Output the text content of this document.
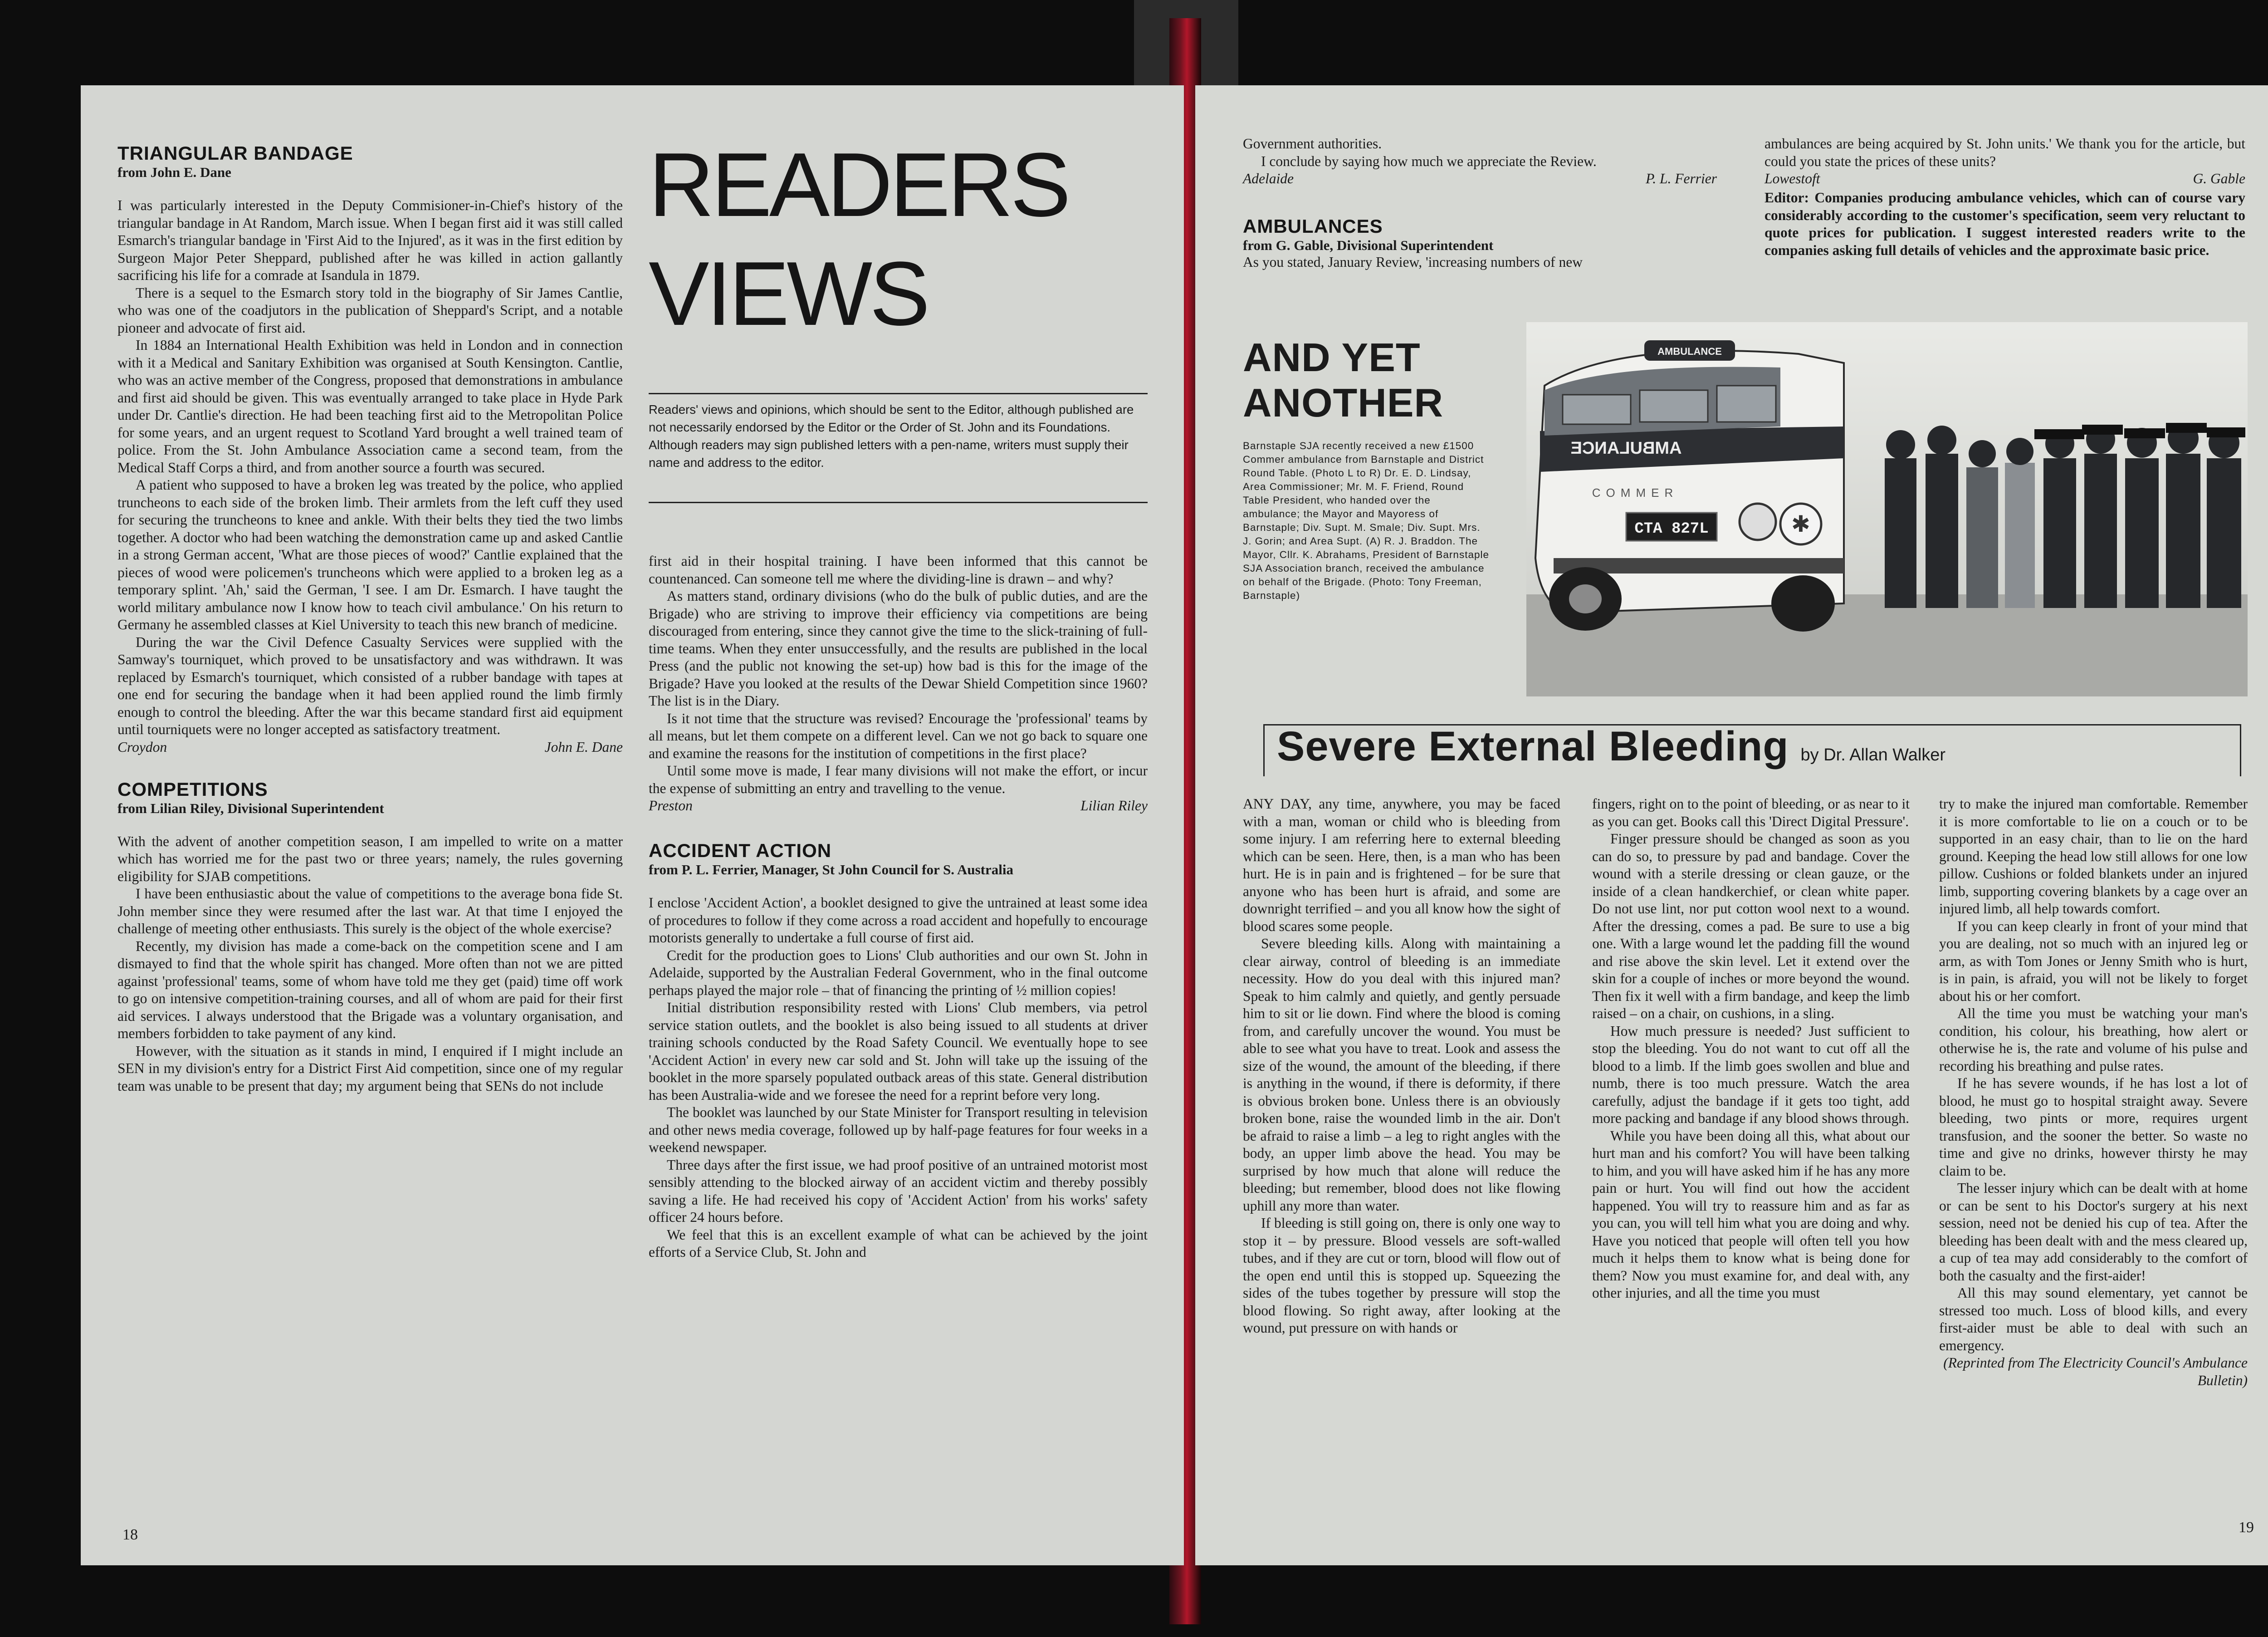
TRIANGULAR BANDAGE
from John E. Dane

I was particularly interested in the Deputy Commisioner-in-Chief's history of the triangular bandage in At Random, March issue. When I began first aid it was still called Esmarch's triangular bandage in 'First Aid to the Injured', as it was in the first edition by Surgeon Major Peter Sheppard, published after he was killed in action gallantly sacrificing his life for a comrade at Isandula in 1879.

There is a sequel to the Esmarch story told in the biography of Sir James Cantlie, who was one of the coadjutors in the publication of Sheppard's Script, and a notable pioneer and advocate of first aid.

In 1884 an International Health Exhibition was held in London and in connection with it a Medical and Sanitary Exhibition was organised at South Kensington. Cantlie, who was an active member of the Congress, proposed that demonstrations in ambulance and first aid should be given. This was eventually arranged to take place in Hyde Park under Dr. Cantlie's direction. He had been teaching first aid to the Metropolitan Police for some years, and an urgent request to Scotland Yard brought a well trained team of police. From the St. John Ambulance Association came a second team, from the Medical Staff Corps a third, and from another source a fourth was secured.

A patient who supposed to have a broken leg was treated by the police, who applied truncheons to each side of the broken limb. Their armlets from the left cuff they used for securing the truncheons to knee and ankle. With their belts they tied the two limbs together. A doctor who had been watching the demonstration came up and asked Cantlie in a strong German accent, 'What are those pieces of wood?' Cantlie explained that the pieces of wood were policemen's truncheons which were applied to a broken leg as a temporary splint. 'Ah,' said the German, 'I see. I am Dr. Esmarch. I have taught the world military ambulance now I know how to teach civil ambulance.' On his return to Germany he assembled classes at Kiel University to teach this new branch of medicine.

During the war the Civil Defence Casualty Services were supplied with the Samway's tourniquet, which proved to be unsatisfactory and was withdrawn. It was replaced by Esmarch's tourniquet, which consisted of a rubber bandage with tapes at one end for securing the bandage when it had been applied round the limb firmly enough to control the bleeding. After the war this became standard first aid equipment until tourniquets were no longer accepted as satisfactory treatment.

Croydon	John E. Dane
COMPETITIONS
from Lilian Riley, Divisional Superintendent

With the advent of another competition season, I am impelled to write on a matter which has worried me for the past two or three years; namely, the rules governing eligibility for SJAB competitions.

I have been enthusiastic about the value of competitions to the average bona fide St. John member since they were resumed after the last war. At that time I enjoyed the challenge of meeting other enthusiasts. This surely is the object of the whole exercise?

Recently, my division has made a come-back on the competition scene and I am dismayed to find that the whole spirit has changed. More often than not we are pitted against 'professional' teams, some of whom have told me they get (paid) time off work to go on intensive competition-training courses, and all of whom are paid for their first aid services. I always understood that the Brigade was a voluntary organisation, and members forbidden to take payment of any kind.

However, with the situation as it stands in mind, I enquired if I might include an SEN in my division's entry for a District First Aid competition, since one of my regular team was unable to be present that day; my argument being that SENs do not include

READERS
VIEWS
Readers' views and opinions, which should be sent to the Editor, although published are not necessarily endorsed by the Editor or the Order of St. John and its Foundations. Although readers may sign published letters with a pen-name, writers must supply their name and address to the editor.

first aid in their hospital training. I have been informed that this cannot be countenanced. Can someone tell me where the dividing-line is drawn – and why?

As matters stand, ordinary divisions (who do the bulk of public duties, and are the Brigade) who are striving to improve their efficiency via competitions are being discouraged from entering, since they cannot give the time to the slick-training of full-time teams. When they enter unsuccessfully, and the results are published in the local Press (and the public not knowing the set-up) how bad is this for the image of the Brigade? Have you looked at the results of the Dewar Shield Competition since 1960? The list is in the Diary.

Is it not time that the structure was revised? Encourage the 'professional' teams by all means, but let them compete on a different level. Can we not go back to square one and examine the reasons for the institution of competitions in the first place?

Until some move is made, I fear many divisions will not make the effort, or incur the expense of submitting an entry and travelling to the venue.

Preston	Lilian Riley
ACCIDENT ACTION
from P. L. Ferrier, Manager, St John Council for S. Australia

I enclose 'Accident Action', a booklet designed to give the untrained at least some idea of procedures to follow if they come across a road accident and hopefully to encourage motorists generally to undertake a full course of first aid.

Credit for the production goes to Lions' Club authorities and our own St. John in Adelaide, supported by the Australian Federal Government, who in the final outcome perhaps played the major role – that of financing the printing of ½ million copies!

Initial distribution responsibility rested with Lions' Club members, via petrol service station outlets, and the booklet is also being issued to all students at driver training schools conducted by the Road Safety Council. We eventually hope to see 'Accident Action' in every new car sold and St. John will take up the issuing of the booklet in the more sparsely populated outback areas of this state. General distribution has been Australia-wide and we foresee the need for a reprint before very long.

The booklet was launched by our State Minister for Transport resulting in television and other news media coverage, followed up by half-page features for four weeks in a weekend newspaper.

Three days after the first issue, we had proof positive of an untrained motorist most sensibly attending to the blocked airway of an accident victim and thereby possibly saving a life. He had received his copy of 'Accident Action' from his works' safety officer 24 hours before.

We feel that this is an excellent example of what can be achieved by the joint efforts of a Service Club, St. John and

18

Government authorities.

I conclude by saying how much we appreciate the Review.

Adelaide	P. L. Ferrier
AMBULANCES
from G. Gable, Divisional Superintendent

As you stated, January Review, 'increasing numbers of new

ambulances are being acquired by St. John units.' We thank you for the article, but could you state the prices of these units?

Lowestoft	G. Gable
Editor: Companies producing ambulance vehicles, which can of course vary considerably according to the customer's specification, seem very reluctant to quote prices for publication. I suggest interested readers write to the companies asking full details of vehicles and the approximate basic price.
AND YET
ANOTHER
Barnstaple SJA recently received a new £1500 Commer ambulance from Barnstaple and District Round Table. (Photo L to R) Dr. E. D. Lindsay, Area Commissioner; Mr. M. F. Friend, Round Table President, who handed over the ambulance; the Mayor and Mayoress of Barnstaple; Div. Supt. M. Smale; Div. Supt. Mrs. J. Gorin; and Area Supt. (A) R. J. Braddon. The Mayor, Cllr. K. Abrahams, President of Barnstaple SJA Association branch, received the ambulance on behalf of the Brigade. (Photo: Tony Freeman, Barnstaple)
AMBULANCE
AMBULANCE
COMMER
✱
CTA 827L
Severe External Bleeding by Dr. Allan Walker

ANY DAY, any time, anywhere, you may be faced with a man, woman or child who is bleeding from some injury. I am referring here to external bleeding which can be seen. Here, then, is a man who has been hurt. He is in pain and is frightened – for be sure that anyone who has been hurt is afraid, and some are downright terrified – and you all know how the sight of blood scares some people.

Severe bleeding kills. Along with maintaining a clear airway, control of bleeding is an immediate necessity. How do you deal with this injured man? Speak to him calmly and quietly, and gently persuade him to sit or lie down. Find where the blood is coming from, and carefully uncover the wound. You must be able to see what you have to treat. Look and assess the size of the wound, the amount of the bleeding, if there is anything in the wound, if there is deformity, if there is obvious broken bone. Unless there is an obviously broken bone, raise the wounded limb in the air. Don't be afraid to raise a limb – a leg to right angles with the body, an upper limb above the head. You may be surprised by how much that alone will reduce the bleeding; but remember, blood does not like flowing uphill any more than water.

If bleeding is still going on, there is only one way to stop it – by pressure. Blood vessels are soft-walled tubes, and if they are cut or torn, blood will flow out of the open end until this is stopped up. Squeezing the sides of the tubes together by pressure will stop the blood flowing. So right away, after looking at the wound, put pressure on with hands or

fingers, right on to the point of bleeding, or as near to it as you can get. Books call this 'Direct Digital Pressure'.

Finger pressure should be changed as soon as you can do so, to pressure by pad and bandage. Cover the wound with a sterile dressing or clean gauze, or the inside of a clean handkerchief, or clean white paper. Do not use lint, nor put cotton wool next to a wound. After the dressing, comes a pad. Be sure to use a big one. With a large wound let the padding fill the wound and rise above the skin level. Let it extend over the skin for a couple of inches or more beyond the wound. Then fix it well with a firm bandage, and keep the limb raised – on a chair, on cushions, in a sling.

How much pressure is needed? Just sufficient to stop the bleeding. You do not want to cut off all the blood to a limb. If the limb goes swollen and blue and numb, there is too much pressure. Watch the area carefully, adjust the bandage if it gets too tight, add more packing and bandage if any blood shows through.

While you have been doing all this, what about our hurt man and his comfort? You will have been talking to him, and you will have asked him if he has any more pain or hurt. You will find out how the accident happened. You will try to reassure him and as far as you can, you will tell him what you are doing and why. Have you noticed that people will often tell you how much it helps them to know what is being done for them? Now you must examine for, and deal with, any other injuries, and all the time you must

try to make the injured man comfortable. Remember it is more comfortable to lie on a couch or to be supported in an easy chair, than to lie on the hard ground. Keeping the head low still allows for one low pillow. Cushions or folded blankets under an injured limb, supporting covering blankets by a cage over an injured limb, all help towards comfort.

If you can keep clearly in front of your mind that you are dealing, not so much with an injured leg or arm, as with Tom Jones or Jenny Smith who is hurt, is in pain, is afraid, you will not be likely to forget about his or her comfort.

All the time you must be watching your man's condition, his colour, his breathing, how alert or otherwise he is, the rate and volume of his pulse and recording his breathing and pulse rates.

If he has severe wounds, if he has lost a lot of blood, he must go to hospital straight away. Severe bleeding, two pints or more, requires urgent transfusion, and the sooner the better. So waste no time and give no drinks, however thirsty he may claim to be.

The lesser injury which can be dealt with at home or can be sent to his Doctor's surgery at his next session, need not be denied his cup of tea. After the bleeding has been dealt with and the mess cleared up, a cup of tea may add considerably to the comfort of both the casualty and the first-aider!

All this may sound elementary, yet cannot be stressed too much. Loss of blood kills, and every first-aider must be able to deal with such an emergency.

(Reprinted from The Electricity Council's Ambulance Bulletin)
19
